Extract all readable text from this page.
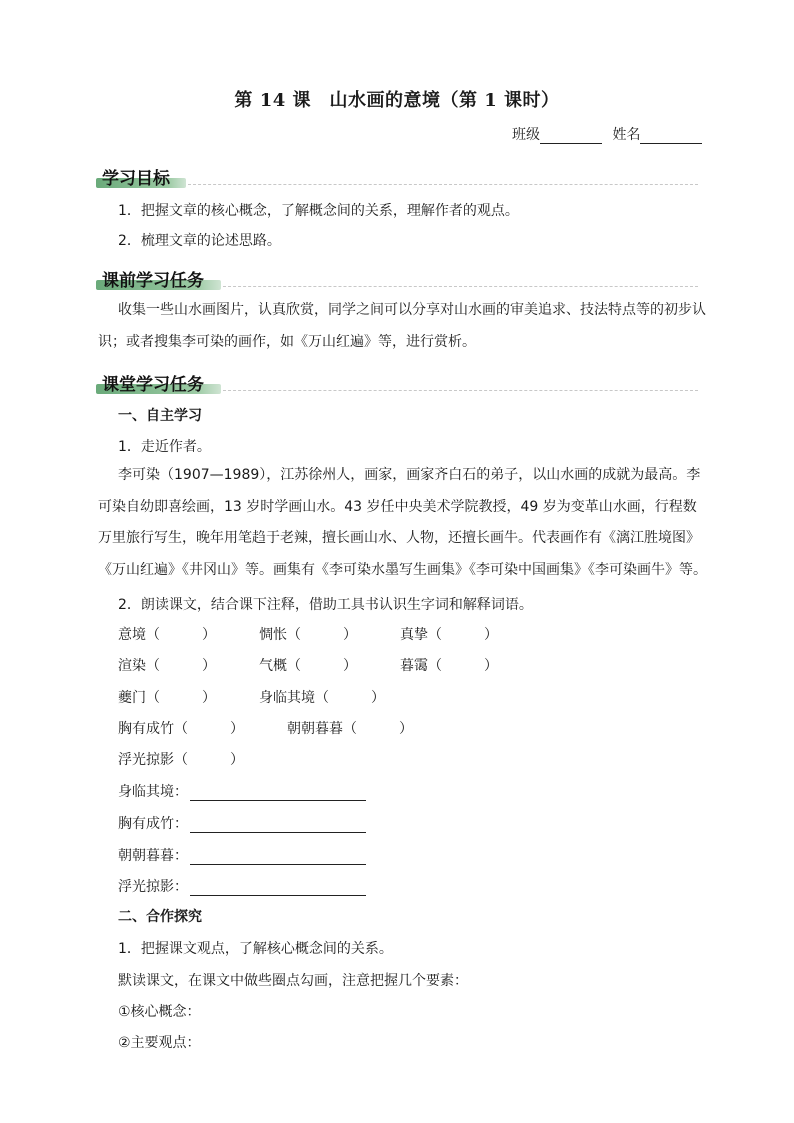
第 14 课　山水画的意境（第 1 课时）
班级	姓名
学习目标
1．把握文章的核心概念，了解概念间的关系，理解作者的观点。
2．梳理文章的论述思路。
课前学习任务
收集一些山水画图片，认真欣赏，同学之间可以分享对山水画的审美追求、技法特点等的初步认识；或者搜集李可染的画作，如《万山红遍》等，进行赏析。
课堂学习任务
一、自主学习
1．走近作者。
李可染（1907—1989），江苏徐州人，画家，画家齐白石的弟子，以山水画的成就为最高。李可染自幼即喜绘画，13 岁时学画山水。43 岁任中央美术学院教授，49 岁为变革山水画，行程数万里旅行写生，晚年用笔趋于老辣，擅长画山水、人物，还擅长画牛。代表画作有《漓江胜境图》《万山红遍》《井冈山》等。画集有《李可染水墨写生画集》《李可染中国画集》《李可染画牛》等。
2．朗读课文，结合课下注释，借助工具书认识生字词和解释词语。
意境（　　　）	惆怅（　　　）	真挚（　　　）
渲染（　　　）	气概（　　　）	暮霭（　　　）
夔门（　　　）	身临其境（　　　）
胸有成竹（　　　）	朝朝暮暮（　　　）
浮光掠影（　　　）
身临其境：
胸有成竹：
朝朝暮暮：
浮光掠影：
二、合作探究
1．把握课文观点，了解核心概念间的关系。
默读课文，在课文中做些圈点勾画，注意把握几个要素：
①核心概念：
②主要观点：
